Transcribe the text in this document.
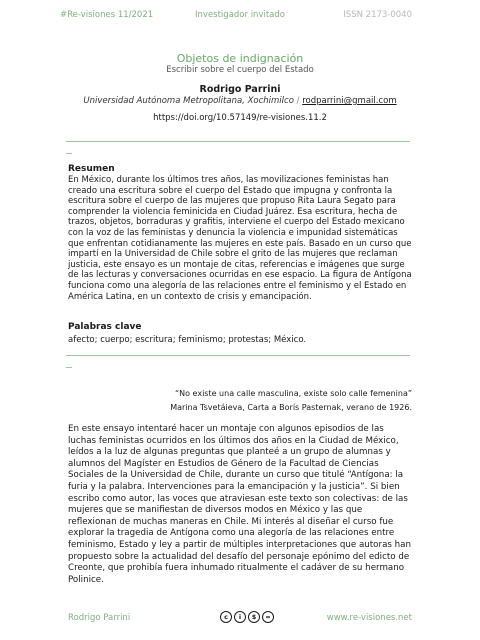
#Re-visiones 11/2021	Investigador invitado	ISSN 2173-0040
Objetos de indignación
Escribir sobre el cuerpo del Estado
Rodrigo Parrini
Universidad Autónoma Metropolitana, Xochimilco / rodparrini@gmail.com
https://doi.org/10.57149/re-visiones.11.2
Resumen

En México, durante los últimos tres años, las movilizaciones feministas han creado una escritura sobre el cuerpo del Estado que impugna y confronta la escritura sobre el cuerpo de las mujeres que propuso Rita Laura Segato para comprender la violencia feminicida en Ciudad Juárez. Esa escritura, hecha de trazos, objetos, borraduras y grafitis, interviene el cuerpo del Estado mexicano con la voz de las feministas y denuncia la violencia e impunidad sistemáticas que enfrentan cotidianamente las mujeres en este país. Basado en un curso que impartí en la Universidad de Chile sobre el grito de las mujeres que reclaman justicia, este ensayo es un montaje de citas, referencias e imágenes que surge de las lecturas y conversaciones ocurridas en ese espacio. La figura de Antígona funciona como una alegoría de las relaciones entre el feminismo y el Estado en América Latina, en un contexto de crisis y emancipación.

Palabras clave

afecto; cuerpo; escritura; feminismo; protestas; México.

“No existe una calle masculina, existe solo calle femenina”
Marina Tsvetáieva, Carta a Borís Pasternak, verano de 1926.

En este ensayo intentaré hacer un montaje con algunos episodios de las luchas feministas ocurridos en los últimos dos años en la Ciudad de México, leídos a la luz de algunas preguntas que planteé a un grupo de alumnas y alumnos del Magíster en Estudios de Género de la Facultad de Ciencias Sociales de la Universidad de Chile, durante un curso que titulé “Antígona: la furia y la palabra. Intervenciones para la emancipación y la justicia”. Si bien escribo como autor, las voces que atraviesan este texto son colectivas: de las mujeres que se manifiestan de diversos modos en México y las que reflexionan de muchas maneras en Chile. Mi interés al diseñar el curso fue explorar la tragedia de Antígona como una alegoría de las relaciones entre feminismo, Estado y ley a partir de múltiples interpretaciones que autoras han propuesto sobre la actualidad del desafío del personaje epónimo del edicto de Creonte, que prohibía fuera inhumado ritualmente el cadáver de su hermano Polinice.

Rodrigo Parrini	www.re-visiones.net
c	i	$	=
